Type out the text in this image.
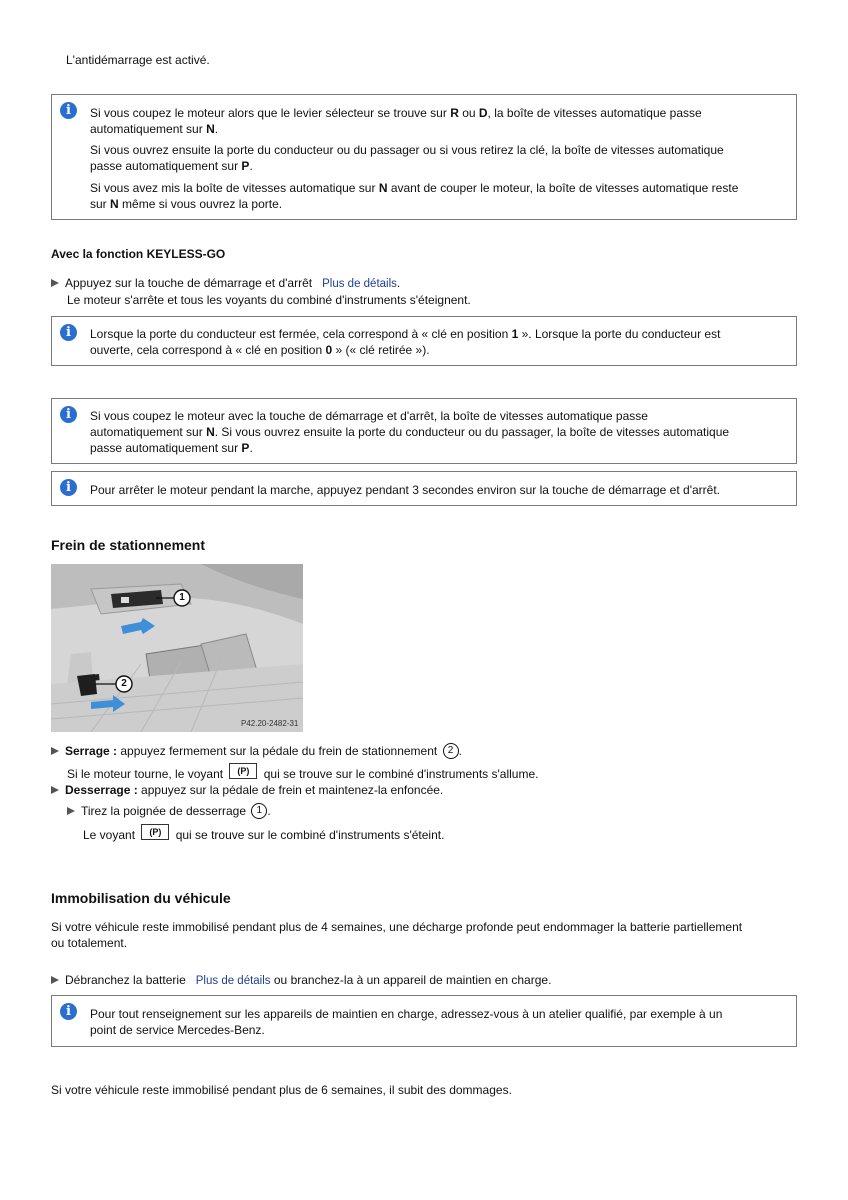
L'antidémarrage est activé.
i	Si vous coupez le moteur alors que le levier sélecteur se trouve sur R ou D, la boîte de vitesses automatique passe
automatiquement sur N.
Si vous ouvrez ensuite la porte du conducteur ou du passager ou si vous retirez la clé, la boîte de vitesses automatique
passe automatiquement sur P.
Si vous avez mis la boîte de vitesses automatique sur N avant de couper le moteur, la boîte de vitesses automatique reste
sur N même si vous ouvrez la porte.
Avec la fonction KEYLESS-GO
Appuyez sur la touche de démarrage et d'arrêt Plus de détails.
Le moteur s'arrête et tous les voyants du combiné d'instruments s'éteignent.
i	Lorsque la porte du conducteur est fermée, cela correspond à « clé en position 1 ». Lorsque la porte du conducteur est
ouverte, cela correspond à « clé en position 0 » (« clé retirée »).
i	Si vous coupez le moteur avec la touche de démarrage et d'arrêt, la boîte de vitesses automatique passe
automatiquement sur N. Si vous ouvrez ensuite la porte du conducteur ou du passager, la boîte de vitesses automatique
passe automatiquement sur P.
i	Pour arrêter le moteur pendant la marche, appuyez pendant 3 secondes environ sur la touche de démarrage et d'arrêt.
Frein de stationnement
1
2
P42.20-2482-31
Serrage : appuyez fermement sur la pédale du frein de stationnement 2 .
Si le moteur tourne, le voyant (P)	qui se trouve sur le combiné d'instruments s'allume.
Desserrage : appuyez sur la pédale de frein et maintenez-la enfoncée.
Tirez la poignée de desserrage 1 .
Le voyant (P)	qui se trouve sur le combiné d'instruments s'éteint.
Immobilisation du véhicule
Si votre véhicule reste immobilisé pendant plus de 4 semaines, une décharge profonde peut endommager la batterie partiellement
ou totalement.
Débranchez la batterie Plus de détails ou branchez-la à un appareil de maintien en charge.
i	Pour tout renseignement sur les appareils de maintien en charge, adressez-vous à un atelier qualifié, par exemple à un
point de service Mercedes-Benz.
Si votre véhicule reste immobilisé pendant plus de 6 semaines, il subit des dommages.
